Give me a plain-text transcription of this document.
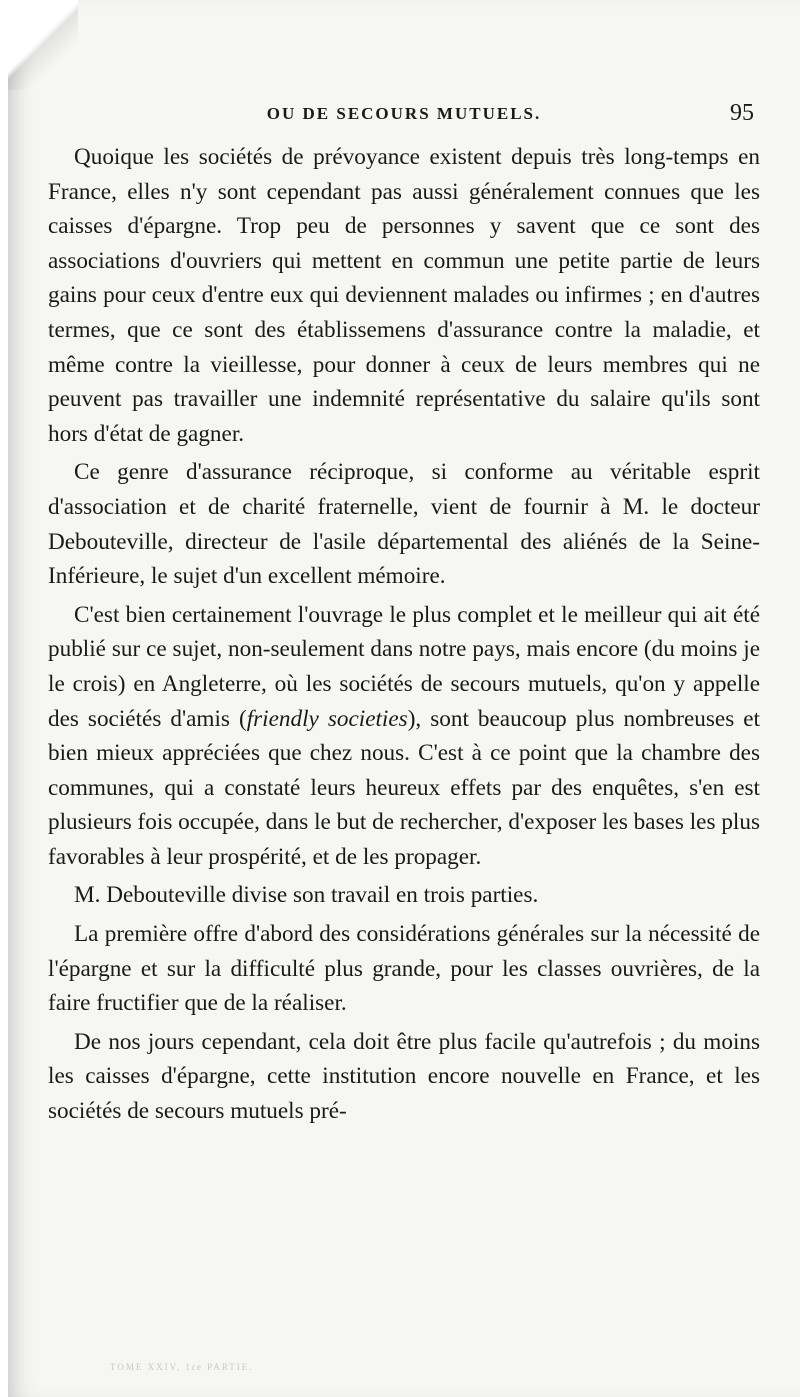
OU DE SECOURS MUTUELS.	95

Quoique les sociétés de prévoyance existent depuis très long-temps en France, elles n'y sont cependant pas aussi généralement connues que les caisses d'épargne. Trop peu de personnes y savent que ce sont des associations d'ouvriers qui mettent en commun une petite partie de leurs gains pour ceux d'entre eux qui deviennent malades ou infirmes ; en d'autres termes, que ce sont des établissemens d'assurance contre la maladie, et même contre la vieillesse, pour donner à ceux de leurs membres qui ne peuvent pas travailler une indemnité représentative du salaire qu'ils sont hors d'état de gagner.

Ce genre d'assurance réciproque, si conforme au véritable esprit d'association et de charité fraternelle, vient de fournir à M. le docteur Debouteville, directeur de l'asile départemental des aliénés de la Seine-Inférieure, le sujet d'un excellent mémoire.

C'est bien certainement l'ouvrage le plus complet et le meilleur qui ait été publié sur ce sujet, non-seulement dans notre pays, mais encore (du moins je le crois) en Angleterre, où les sociétés de secours mutuels, qu'on y appelle des sociétés d'amis (friendly societies), sont beaucoup plus nombreuses et bien mieux appréciées que chez nous. C'est à ce point que la chambre des communes, qui a constaté leurs heureux effets par des enquêtes, s'en est plusieurs fois occupée, dans le but de rechercher, d'exposer les bases les plus favorables à leur prospérité, et de les propager.

M. Debouteville divise son travail en trois parties.

La première offre d'abord des considérations générales sur la nécessité de l'épargne et sur la difficulté plus grande, pour les classes ouvrières, de la faire fructifier que de la réaliser.

De nos jours cependant, cela doit être plus facile qu'autrefois ; du moins les caisses d'épargne, cette institution encore nouvelle en France, et les sociétés de secours mutuels pré-

TOME XXIV, 1re PARTIE.
